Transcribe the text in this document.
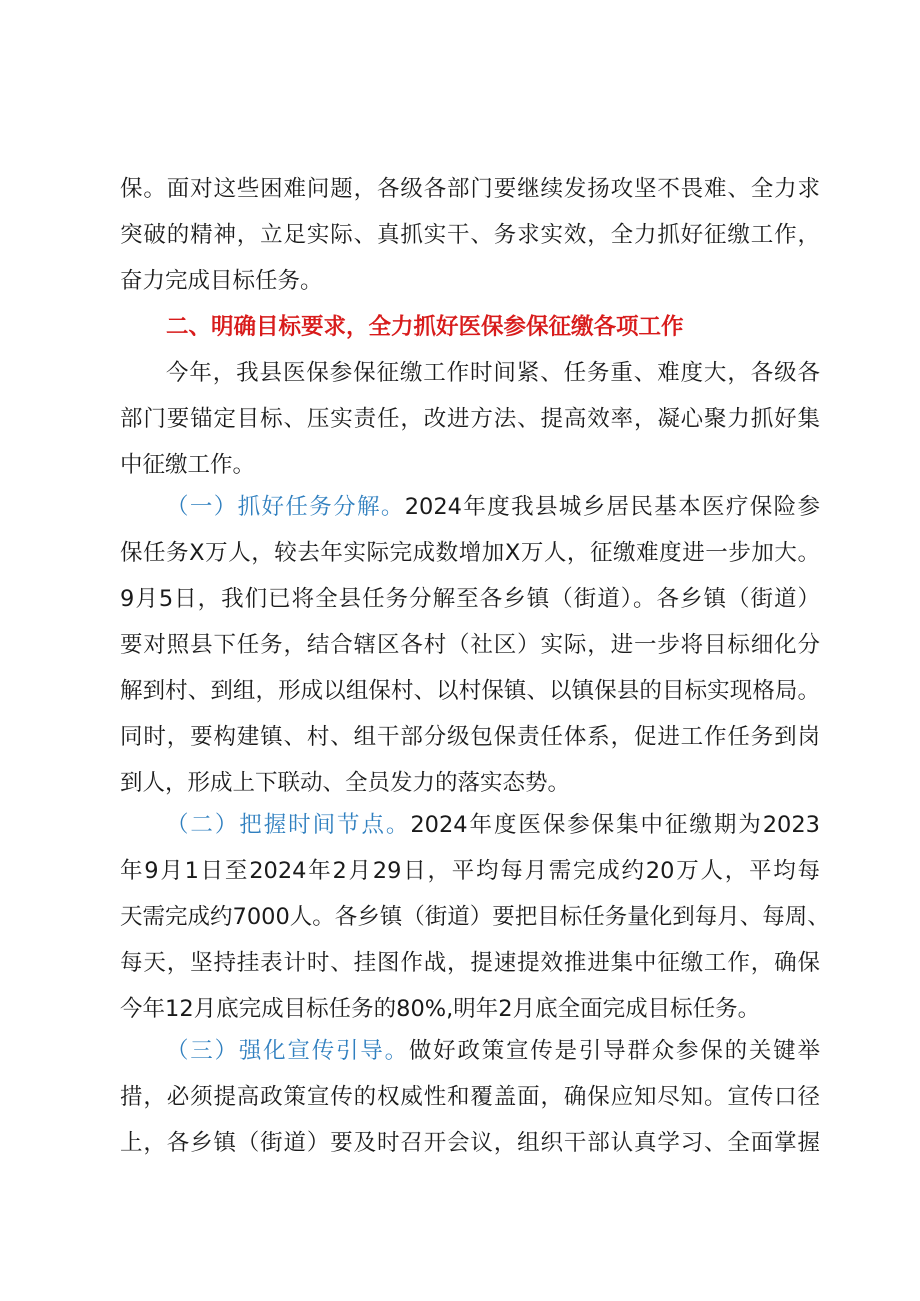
保。面对这些困难问题，各级各部门要继续发扬攻坚不畏难、全力求
突破的精神，立足实际、真抓实干、务求实效，全力抓好征缴工作，
奋力完成目标任务。
二、明确目标要求，全力抓好医保参保征缴各项工作
今年，我县医保参保征缴工作时间紧、任务重、难度大，各级各
部门要锚定目标、压实责任，改进方法、提高效率，凝心聚力抓好集
中征缴工作。
（一）抓好任务分解。2024年度我县城乡居民基本医疗保险参
保任务X万人，较去年实际完成数增加X万人，征缴难度进一步加大。
9月5日，我们已将全县任务分解至各乡镇（街道）。各乡镇（街道）
要对照县下任务，结合辖区各村（社区）实际，进一步将目标细化分
解到村、到组，形成以组保村、以村保镇、以镇保县的目标实现格局。
同时，要构建镇、村、组干部分级包保责任体系，促进工作任务到岗
到人，形成上下联动、全员发力的落实态势。
（二）把握时间节点。2024年度医保参保集中征缴期为2023
年9月1日至2024年2月29日，平均每月需完成约20万人，平均每
天需完成约7000人。各乡镇（街道）要把目标任务量化到每月、每周、
每天，坚持挂表计时、挂图作战，提速提效推进集中征缴工作，确保
今年12月底完成目标任务的80%,明年2月底全面完成目标任务。
（三）强化宣传引导。做好政策宣传是引导群众参保的关键举
措，必须提高政策宣传的权威性和覆盖面，确保应知尽知。宣传口径
上，各乡镇（街道）要及时召开会议，组织干部认真学习、全面掌握
